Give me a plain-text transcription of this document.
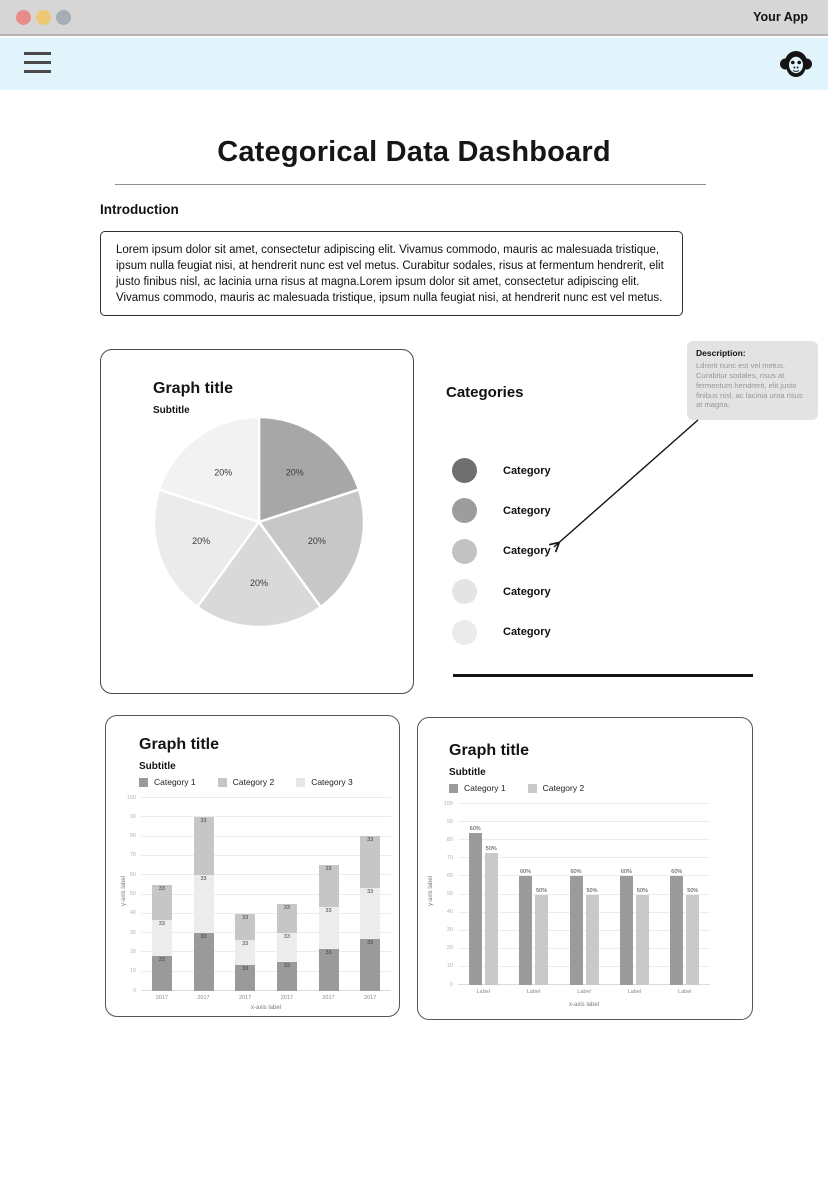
Your App
Categorical Data Dashboard
Introduction

Lorem ipsum dolor sit amet, consectetur adipiscing elit. Vivamus commodo, mauris ac malesuada tristique, ipsum nulla feugiat nisi, at hendrerit nunc est vel metus. Curabitur sodales, risus at fermentum hendrerit, elit justo finibus nisl, ac lacinia urna risus at magna.Lorem ipsum dolor sit amet, consectetur adipiscing elit. Vivamus commodo, mauris ac malesuada tristique, ipsum nulla feugiat nisi, at hendrerit nunc est vel metus.

Graph title
Subtitle
20%
20%
20%
20%
20%
Categories
Category
Category
Category
Category
Category
Description:

Ldrerit nunc est vel metus. Curabitur sodales, risus at fermentum hendrerit, elit justo finibus nisl, ac lacinia urna risus at magna.

Graph title
Subtitle
Category 1	Category 2	Category 3
0
10
20
30
40
50
60
70
80
90
100
2017	2017	2017	2017	2017	2017
33
33
33
33
33
33
33
33
33
33
33
33
33
33
33
33
33
33
x-axis label
y-axis label
Graph title
Subtitle
Category 1	Category 2
0
10
20
30
40
50
60
70
80
90
100
Label	Label	Label	Label	Label
60%
50%
60%
50%
60%
50%
60%
50%
60%
50%
x-axis label
y-axis label
